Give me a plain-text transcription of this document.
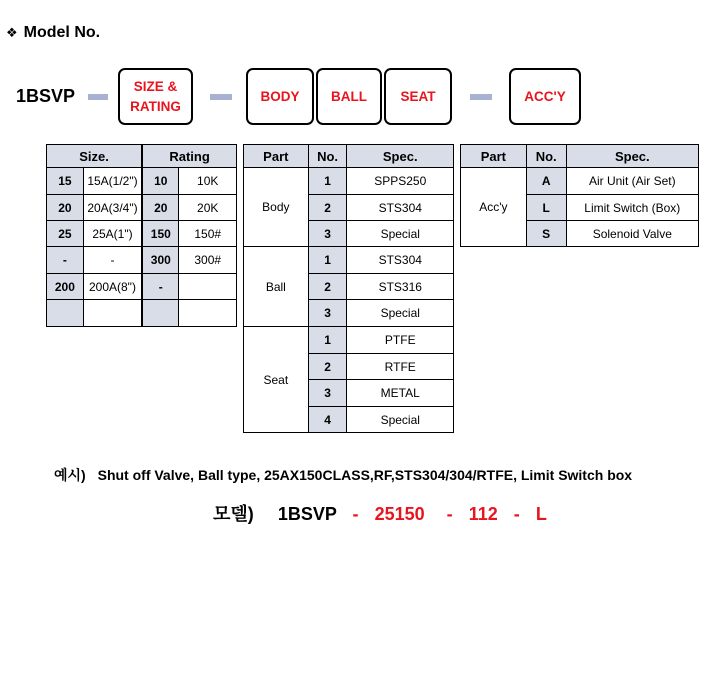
❖ Model No.
1BSVP	SIZE &
RATING
BODY BALL SEAT	ACC'Y
Size.		Rating	
15	15A(1/2")	10	10K
20	20A(3/4")	20	20K
25	25A(1")	150	150#
-	-	300	300#
200	200A(8")	-	

Part	No.	Spec.
Body	1	SPPS250
	2	STS304
	3	Special
Ball	1	STS304
	2	STS316
	3	Special
Seat	1	PTFE
	2	RTFE
	3	METAL
	4	Special
Part	No.	Spec.
Acc'y	A	Air Unit (Air Set)
	L	Limit Switch (Box)
	S	Solenoid Valve
예시) Shut off Valve, Ball type, 25AX150CLASS,RF,STS304/304/RTFE, Limit Switch box
모델) 1BSVP - 25150 - 112 - L
